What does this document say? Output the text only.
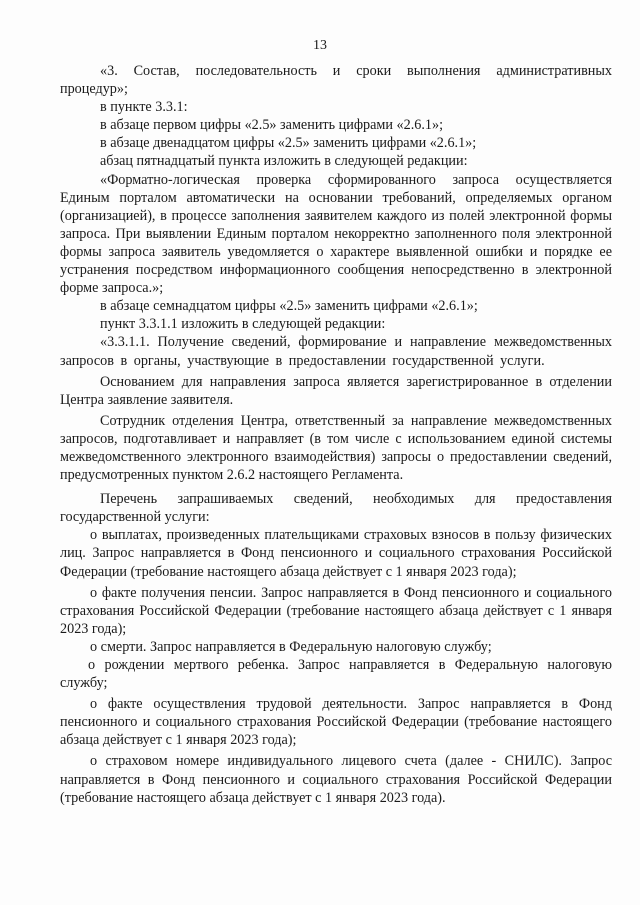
13

«3. Состав, последовательность и сроки выполнения административных процедур»;

в пункте 3.3.1:

в абзаце первом цифры «2.5» заменить цифрами «2.6.1»;

в абзаце двенадцатом цифры «2.5» заменить цифрами «2.6.1»;

абзац пятнадцатый пункта изложить в следующей редакции:

«Форматно-логическая проверка сформированного запроса осуществляется Единым порталом автоматически на основании требований, определяемых органом (организацией), в процессе заполнения заявителем каждого из полей электронной формы запроса. При выявлении Единым порталом некорректно заполненного поля электронной формы запроса заявитель уведомляется о характере выявленной ошибки и порядке ее устранения посредством информационного сообщения непосредственно в электронной форме запроса.»;

в абзаце семнадцатом цифры «2.5» заменить цифрами «2.6.1»;

пункт 3.3.1.1 изложить в следующей редакции:

«3.3.1.1. Получение сведений, формирование и направление межведомственных запросов в органы, участвующие в предоставлении государственной услуги.

Основанием для направления запроса является зарегистрированное в отделении Центра заявление заявителя.

Сотрудник отделения Центра, ответственный за направление межведомственных запросов, подготавливает и направляет (в том числе с использованием единой системы межведомственного электронного взаимодействия) запросы о предоставлении сведений, предусмотренных пунктом 2.6.2 настоящего Регламента.

Перечень запрашиваемых сведений, необходимых для предоставления государственной услуги:

о выплатах, произведенных плательщиками страховых взносов в пользу физических лиц. Запрос направляется в Фонд пенсионного и социального страхования Российской Федерации (требование настоящего абзаца действует с 1 января 2023 года);

о факте получения пенсии. Запрос направляется в Фонд пенсионного и социального страхования Российской Федерации (требование настоящего абзаца действует с 1 января 2023 года);

о смерти. Запрос направляется в Федеральную налоговую службу;

о рождении мертвого ребенка. Запрос направляется в Федеральную налоговую службу;

о факте осуществления трудовой деятельности. Запрос направляется в Фонд пенсионного и социального страхования Российской Федерации (требование настоящего абзаца действует с 1 января 2023 года);

о страховом номере индивидуального лицевого счета (далее - СНИЛС). Запрос направляется в Фонд пенсионного и социального страхования Российской Федерации (требование настоящего абзаца действует с 1 января 2023 года).
